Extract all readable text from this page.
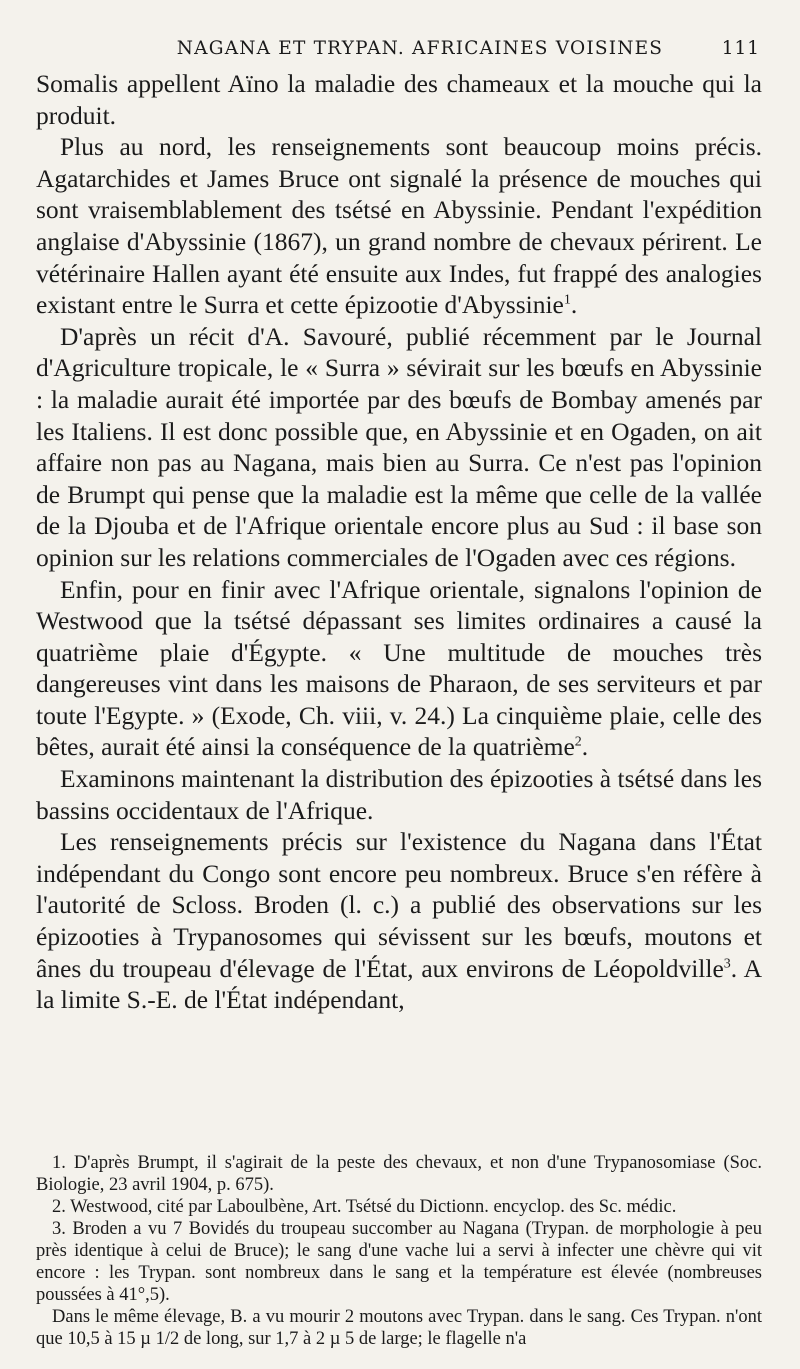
NAGANA ET TRYPAN. AFRICAINES VOISINES	111

Somalis appellent Aïno la maladie des chameaux et la mouche qui la produit.

Plus au nord, les renseignements sont beaucoup moins précis. Agatarchides et James Bruce ont signalé la présence de mouches qui sont vraisemblablement des tsétsé en Abyssinie. Pendant l'expédition anglaise d'Abyssinie (1867), un grand nombre de chevaux périrent. Le vétérinaire Hallen ayant été ensuite aux Indes, fut frappé des analogies existant entre le Surra et cette épizootie d'Abyssinie$^1$.

D'après un récit d'A. Savouré, publié récemment par le Journal d'Agriculture tropicale, le « Surra » sévirait sur les bœufs en Abyssinie : la maladie aurait été importée par des bœufs de Bombay amenés par les Italiens. Il est donc possible que, en Abyssinie et en Ogaden, on ait affaire non pas au Nagana, mais bien au Surra. Ce n'est pas l'opinion de Brumpt qui pense que la maladie est la même que celle de la vallée de la Djouba et de l'Afrique orientale encore plus au Sud : il base son opinion sur les relations commerciales de l'Ogaden avec ces régions.

Enfin, pour en finir avec l'Afrique orientale, signalons l'opinion de Westwood que la tsétsé dépassant ses limites ordinaires a causé la quatrième plaie d'Égypte. « Une multitude de mouches très dangereuses vint dans les maisons de Pharaon, de ses serviteurs et par toute l'Egypte. » (Exode, Ch. viii, v. 24.) La cinquième plaie, celle des bêtes, aurait été ainsi la conséquence de la quatrième$^2$.

Examinons maintenant la distribution des épizooties à tsétsé dans les bassins occidentaux de l'Afrique.

Les renseignements précis sur l'existence du Nagana dans l'État indépendant du Congo sont encore peu nombreux. Bruce s'en réfère à l'autorité de Scloss. Broden (l. c.) a publié des observations sur les épizooties à Trypanosomes qui sévissent sur les bœufs, moutons et ânes du troupeau d'élevage de l'État, aux environs de Léopoldville$^3$. A la limite S.-E. de l'État indépendant,

1. D'après Brumpt, il s'agirait de la peste des chevaux, et non d'une Trypanosomiase (Soc. Biologie, 23 avril 1904, p. 675).

2. Westwood, cité par Laboulbène, Art. Tsétsé du Dictionn. encyclop. des Sc. médic.

3. Broden a vu 7 Bovidés du troupeau succomber au Nagana (Trypan. de morphologie à peu près identique à celui de Bruce); le sang d'une vache lui a servi à infecter une chèvre qui vit encore : les Trypan. sont nombreux dans le sang et la température est élevée (nombreuses poussées à 41°,5).

Dans le même élevage, B. a vu mourir 2 moutons avec Trypan. dans le sang. Ces Trypan. n'ont que 10,5 à 15 µ 1/2 de long, sur 1,7 à 2 µ 5 de large; le flagelle n'a
